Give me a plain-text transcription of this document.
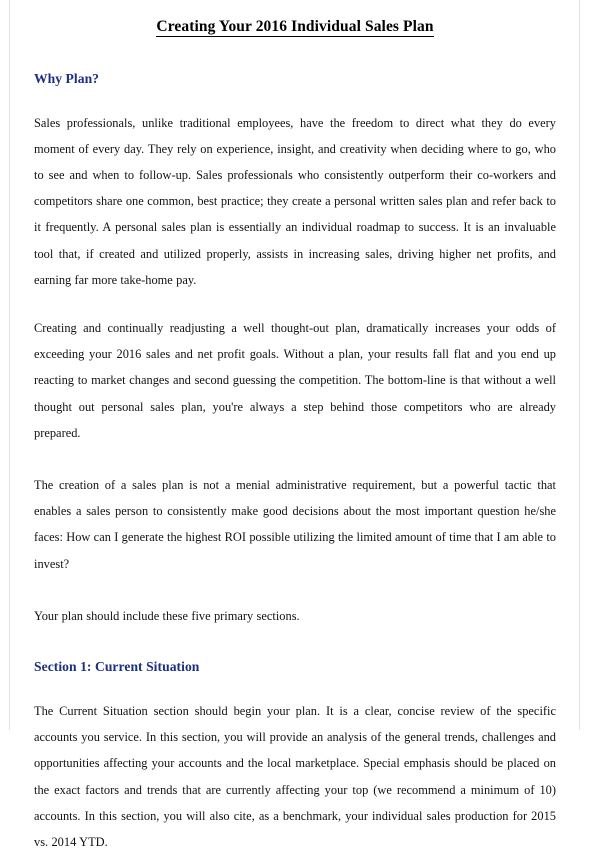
Creating Your 2016 Individual Sales Plan
Why Plan?

Sales professionals, unlike traditional employees, have the freedom to direct what they do every moment of every day. They rely on experience, insight, and creativity when deciding where to go, who to see and when to follow-up. Sales professionals who consistently outperform their co-workers and competitors share one common, best practice; they create a personal written sales plan and refer back to it frequently. A personal sales plan is essentially an individual roadmap to success. It is an invaluable tool that, if created and utilized properly, assists in increasing sales, driving higher net profits, and earning far more take-home pay.

Creating and continually readjusting a well thought-out plan, dramatically increases your odds of exceeding your 2016 sales and net profit goals. Without a plan, your results fall flat and you end up reacting to market changes and second guessing the competition. The bottom-line is that without a well thought out personal sales plan, you're always a step behind those competitors who are already prepared.

The creation of a sales plan is not a menial administrative requirement, but a powerful tactic that enables a sales person to consistently make good decisions about the most important question he/she faces: How can I generate the highest ROI possible utilizing the limited amount of time that I am able to invest?

Your plan should include these five primary sections.

Section 1: Current Situation

The Current Situation section should begin your plan. It is a clear, concise review of the specific accounts you service. In this section, you will provide an analysis of the general trends, challenges and opportunities affecting your accounts and the local marketplace. Special emphasis should be placed on the exact factors and trends that are currently affecting your top (we recommend a minimum of 10) accounts. In this section, you will also cite, as a benchmark, your individual sales production for 2015 vs. 2014 YTD.
